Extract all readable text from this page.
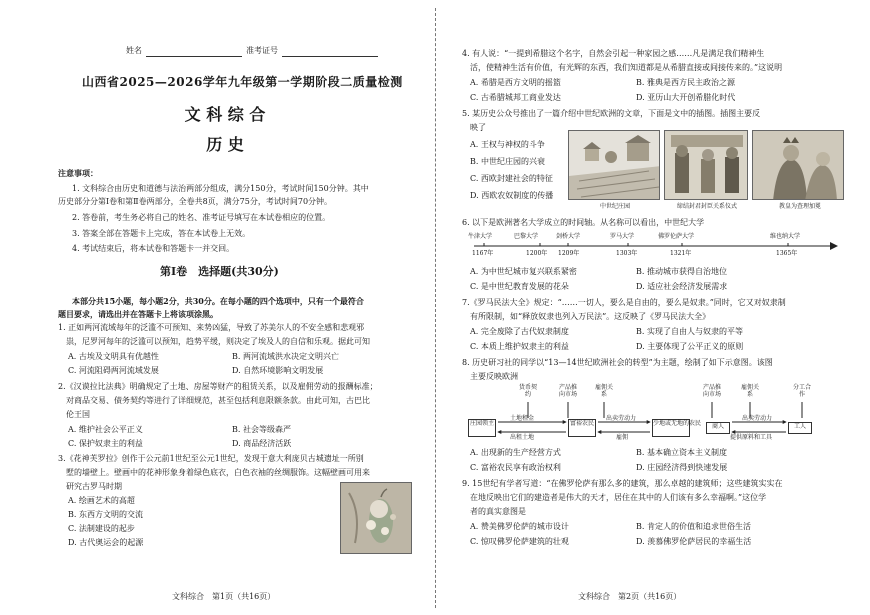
姓名	准考证号
山西省2025—2026学年九年级第一学期阶段二质量检测
文 科 综 合
历 史
注意事项：
1. 文科综合由历史和道德与法治两部分组成，满分150分，考试时间150分钟。其中
历史部分分第Ⅰ卷和第Ⅱ卷两部分，全卷共8页，满分75分，考试时间70分钟。
2. 答卷前，考生务必将自己的姓名、准考证号填写在本试卷相应的位置。
3. 答案全部在答题卡上完成，答在本试卷上无效。
4. 考试结束后，将本试卷和答题卡一并交回。
第Ⅰ卷　选择题(共30分)
本部分共15小题，每小题2分，共30分。在每小题的四个选项中，只有一个最符合
题目要求，请选出并在答题卡上将该项涂黑。
1. 正如两河流域每年的泛滥不可预知、来势凶猛，导致了苏美尔人的不安全感和悲观邪
祟，尼罗河每年的泛滥可以预知，趋势平缓，则决定了埃及人的自信和乐观。据此可知
A. 古埃及文明具有优越性	B. 两河流域洪水决定文明兴亡
C. 河流阻碍两河流域发展	D. 自然环境影响文明发展
2.《汉谟拉比法典》明确规定了土地、房屋等财产的租赁关系，以及雇佣劳动的报酬标准；
对商品交易、债务契约等进行了详细规范，甚至包括利息限额条款。由此可知，古巴比
伦王国
A. 维护社会公平正义	B. 社会等级森严
C. 保护奴隶主的利益	D. 商品经济活跃
3.《花神芙罗拉》创作于公元前1世纪至公元1世纪，发现于意大利庞贝古城遗址一所别
墅的墙壁上。壁画中的花神形象身着绿色底衣，白色衣袖的丝绸服饰。这幅壁画可用来
研究古罗马时期
A. 绘画艺术的高超
B. 东西方文明的交流
C. 法制建设的起步
D. 古代奥运会的起源
文科综合　第1页（共16页）
4. 有人说：“一提到希腊这个名字，自然会引起一种家园之感……凡是满足我们精神生
活，使精神生活有价值，有光辉的东西，我们知道都是从希腊直接或间接传来的。”这说明
A. 希腊是西方文明的摇篮	B. 雅典是西方民主政治之源
C. 古希腊城邦工商业发达	D. 亚历山大开创希腊化时代
5. 某历史公众号推出了一篇介绍中世纪欧洲的文章，下面是文中的插图。插图主要反
映了
A. 王权与神权的斗争
B. 中世纪庄园的兴衰
C. 西欧封建社会的特征
D. 西欧农奴制度的传播
中世纪庄园	缔结封君封臣关系仪式	教皇为查理加冕
6. 以下是欧洲著名大学成立的时间轴。从名称可以看出，中世纪大学
牛津大学	巴黎大学	剑桥大学	罗马大学	佛罗伦萨大学	维也纳大学
1167年	1200年 1209年	1303年	1321年	1365年
A. 为中世纪城市复兴联系紧密	B. 推动城市获得自治地位
C. 是中世纪教育发展的花朵	D. 适应社会经济发展需求
7.《罗马民法大全》规定：“……一切人，要么是自由的，要么是奴隶。”同时，它又对奴隶制
有所限制，如“释放奴隶也列入万民法”。这反映了《罗马民法大全》
A. 完全废除了古代奴隶制度	B. 实现了自由人与奴隶的平等
C. 本质上维护奴隶主的利益	D. 主要体现了公平正义的原则
8. 历史研习社的同学以“13—14世纪欧洲社会的转型”为主题，绘制了如下示意图。该图
主要反映欧洲
庄园领主	富裕农民	少地或无地的农民	商人	工人
货币契约
产品推向市场
雇佣关系
土地租金	出卖劳动力
出租土地	雇佣
产品推向市场
雇佣关系
分工合作
出卖劳动力
提供原料和工具
A. 出现新的生产经营方式	B. 基本确立资本主义制度
C. 富裕农民享有政治权利	D. 庄园经济得到快速发展
9. 15世纪有学者写道：“在佛罗伦萨有那么多的建筑，那么卓越的建筑师；这些建筑实实在
在地反映出它们的建造者是伟大的天才，居住在其中的人们该有多么幸福啊。”这位学
者的真实意图是
A. 赞美佛罗伦萨的城市设计	B. 肯定人的价值和追求世俗生活
C. 惊叹佛罗伦萨建筑的壮观	D. 羡慕佛罗伦萨居民的幸福生活
文科综合　第2页（共16页）
